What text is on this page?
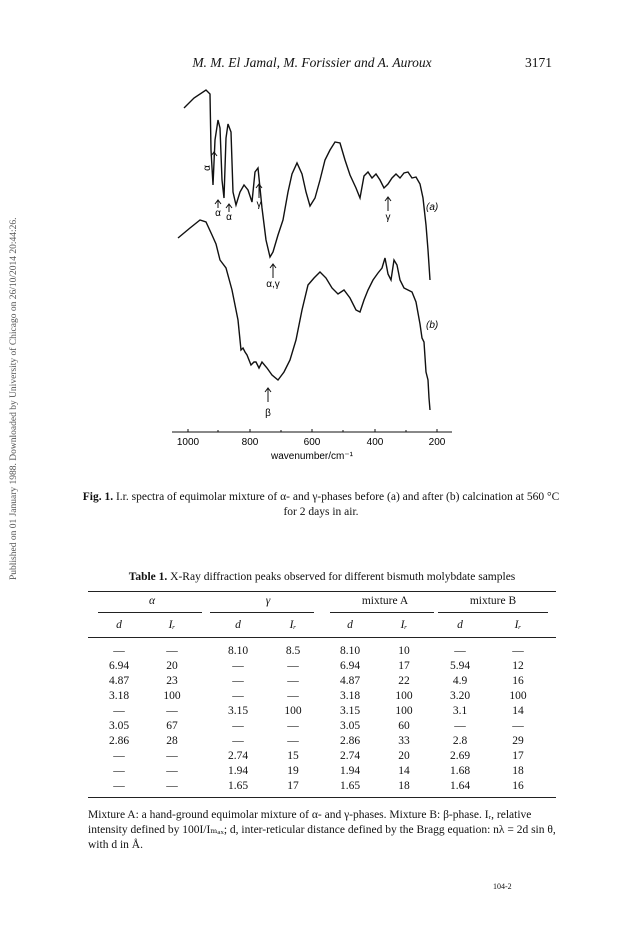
M. M. El Jamal, M. Forissier and A. Auroux	3171
Published on 01 January 1988. Downloaded by University of Chicago on 26/10/2014 20:44:26.
α
α α
γ
α,γ
γ
β
(a)
(b)
1000	800	600	400	200
wavenumber/cm⁻¹
Fig. 1. I.r. spectra of equimolar mixture of α- and γ-phases before (a) and after (b) calcination at 560 °C for 2 days in air.
Table 1. X-Ray diffraction peaks observed for different bismuth molybdate samples
α	γ	mixture A	mixture B
d	Iᵣ	d	Iᵣ	d	Iᵣ	d	Iᵣ
—	—	8.10	8.5	8.10	10	—	—
6.94	20	—	—	6.94	17	5.94	12
4.87	23	—	—	4.87	22	4.9	16
3.18	100	—	—	3.18	100	3.20	100
—	—	3.15	100	3.15	100	3.1	14
3.05	67	—	—	3.05	60	—	—
2.86	28	—	—	2.86	33	2.8	29
—	—	2.74	15	2.74	20	2.69	17
—	—	1.94	19	1.94	14	1.68	18
—	—	1.65	17	1.65	18	1.64	16
Mixture A: a hand-ground equimolar mixture of α- and γ-phases. Mixture B: β-phase. Iᵣ, relative intensity defined by 100I/Iₘₐₓ; d, inter-reticular distance defined by the Bragg equation: nλ = 2d sin θ, with d in Å.
104-2
